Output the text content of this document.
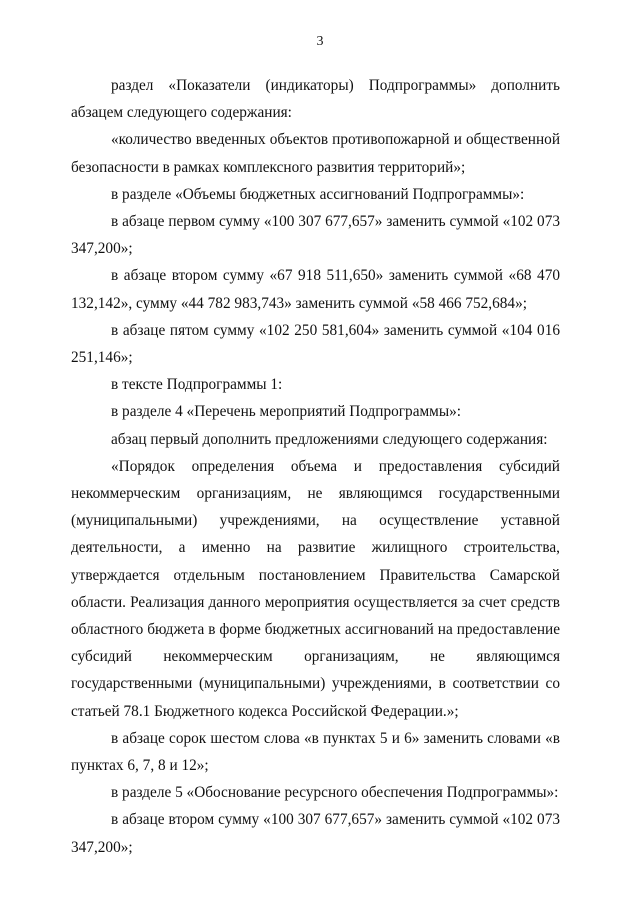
3

раздел «Показатели (индикаторы) Подпрограммы» дополнить абзацем следующего содержания:

«количество введенных объектов противопожарной и общественной безопасности в рамках комплексного развития территорий»;

в разделе «Объемы бюджетных ассигнований Подпрограммы»:

в абзаце первом сумму «100 307 677,657» заменить суммой «102 073 347,200»;

в абзаце втором сумму «67 918 511,650» заменить суммой «68 470 132,142», сумму «44 782 983,743» заменить суммой «58 466 752,684»;

в абзаце пятом сумму «102 250 581,604» заменить суммой «104 016 251,146»;

в тексте Подпрограммы 1:

в разделе 4 «Перечень мероприятий Подпрограммы»:

абзац первый дополнить предложениями следующего содержания:

«Порядок определения объема и предоставления субсидий некоммерческим организациям, не являющимся государственными (муниципальными) учреждениями, на осуществление уставной деятельности, а именно на развитие жилищного строительства, утверждается отдельным постановлением Правительства Самарской области. Реализация данного мероприятия осуществляется за счет средств областного бюджета в форме бюджетных ассигнований на предоставление субсидий некоммерческим организациям, не являющимся государственными (муниципальными) учреждениями, в соответствии со статьей 78.1 Бюджетного кодекса Российской Федерации.»;

в абзаце сорок шестом слова «в пунктах 5 и 6» заменить словами «в пунктах 6, 7, 8 и 12»;

в разделе 5 «Обоснование ресурсного обеспечения Подпрограммы»:

в абзаце втором сумму «100 307 677,657» заменить суммой «102 073 347,200»;
